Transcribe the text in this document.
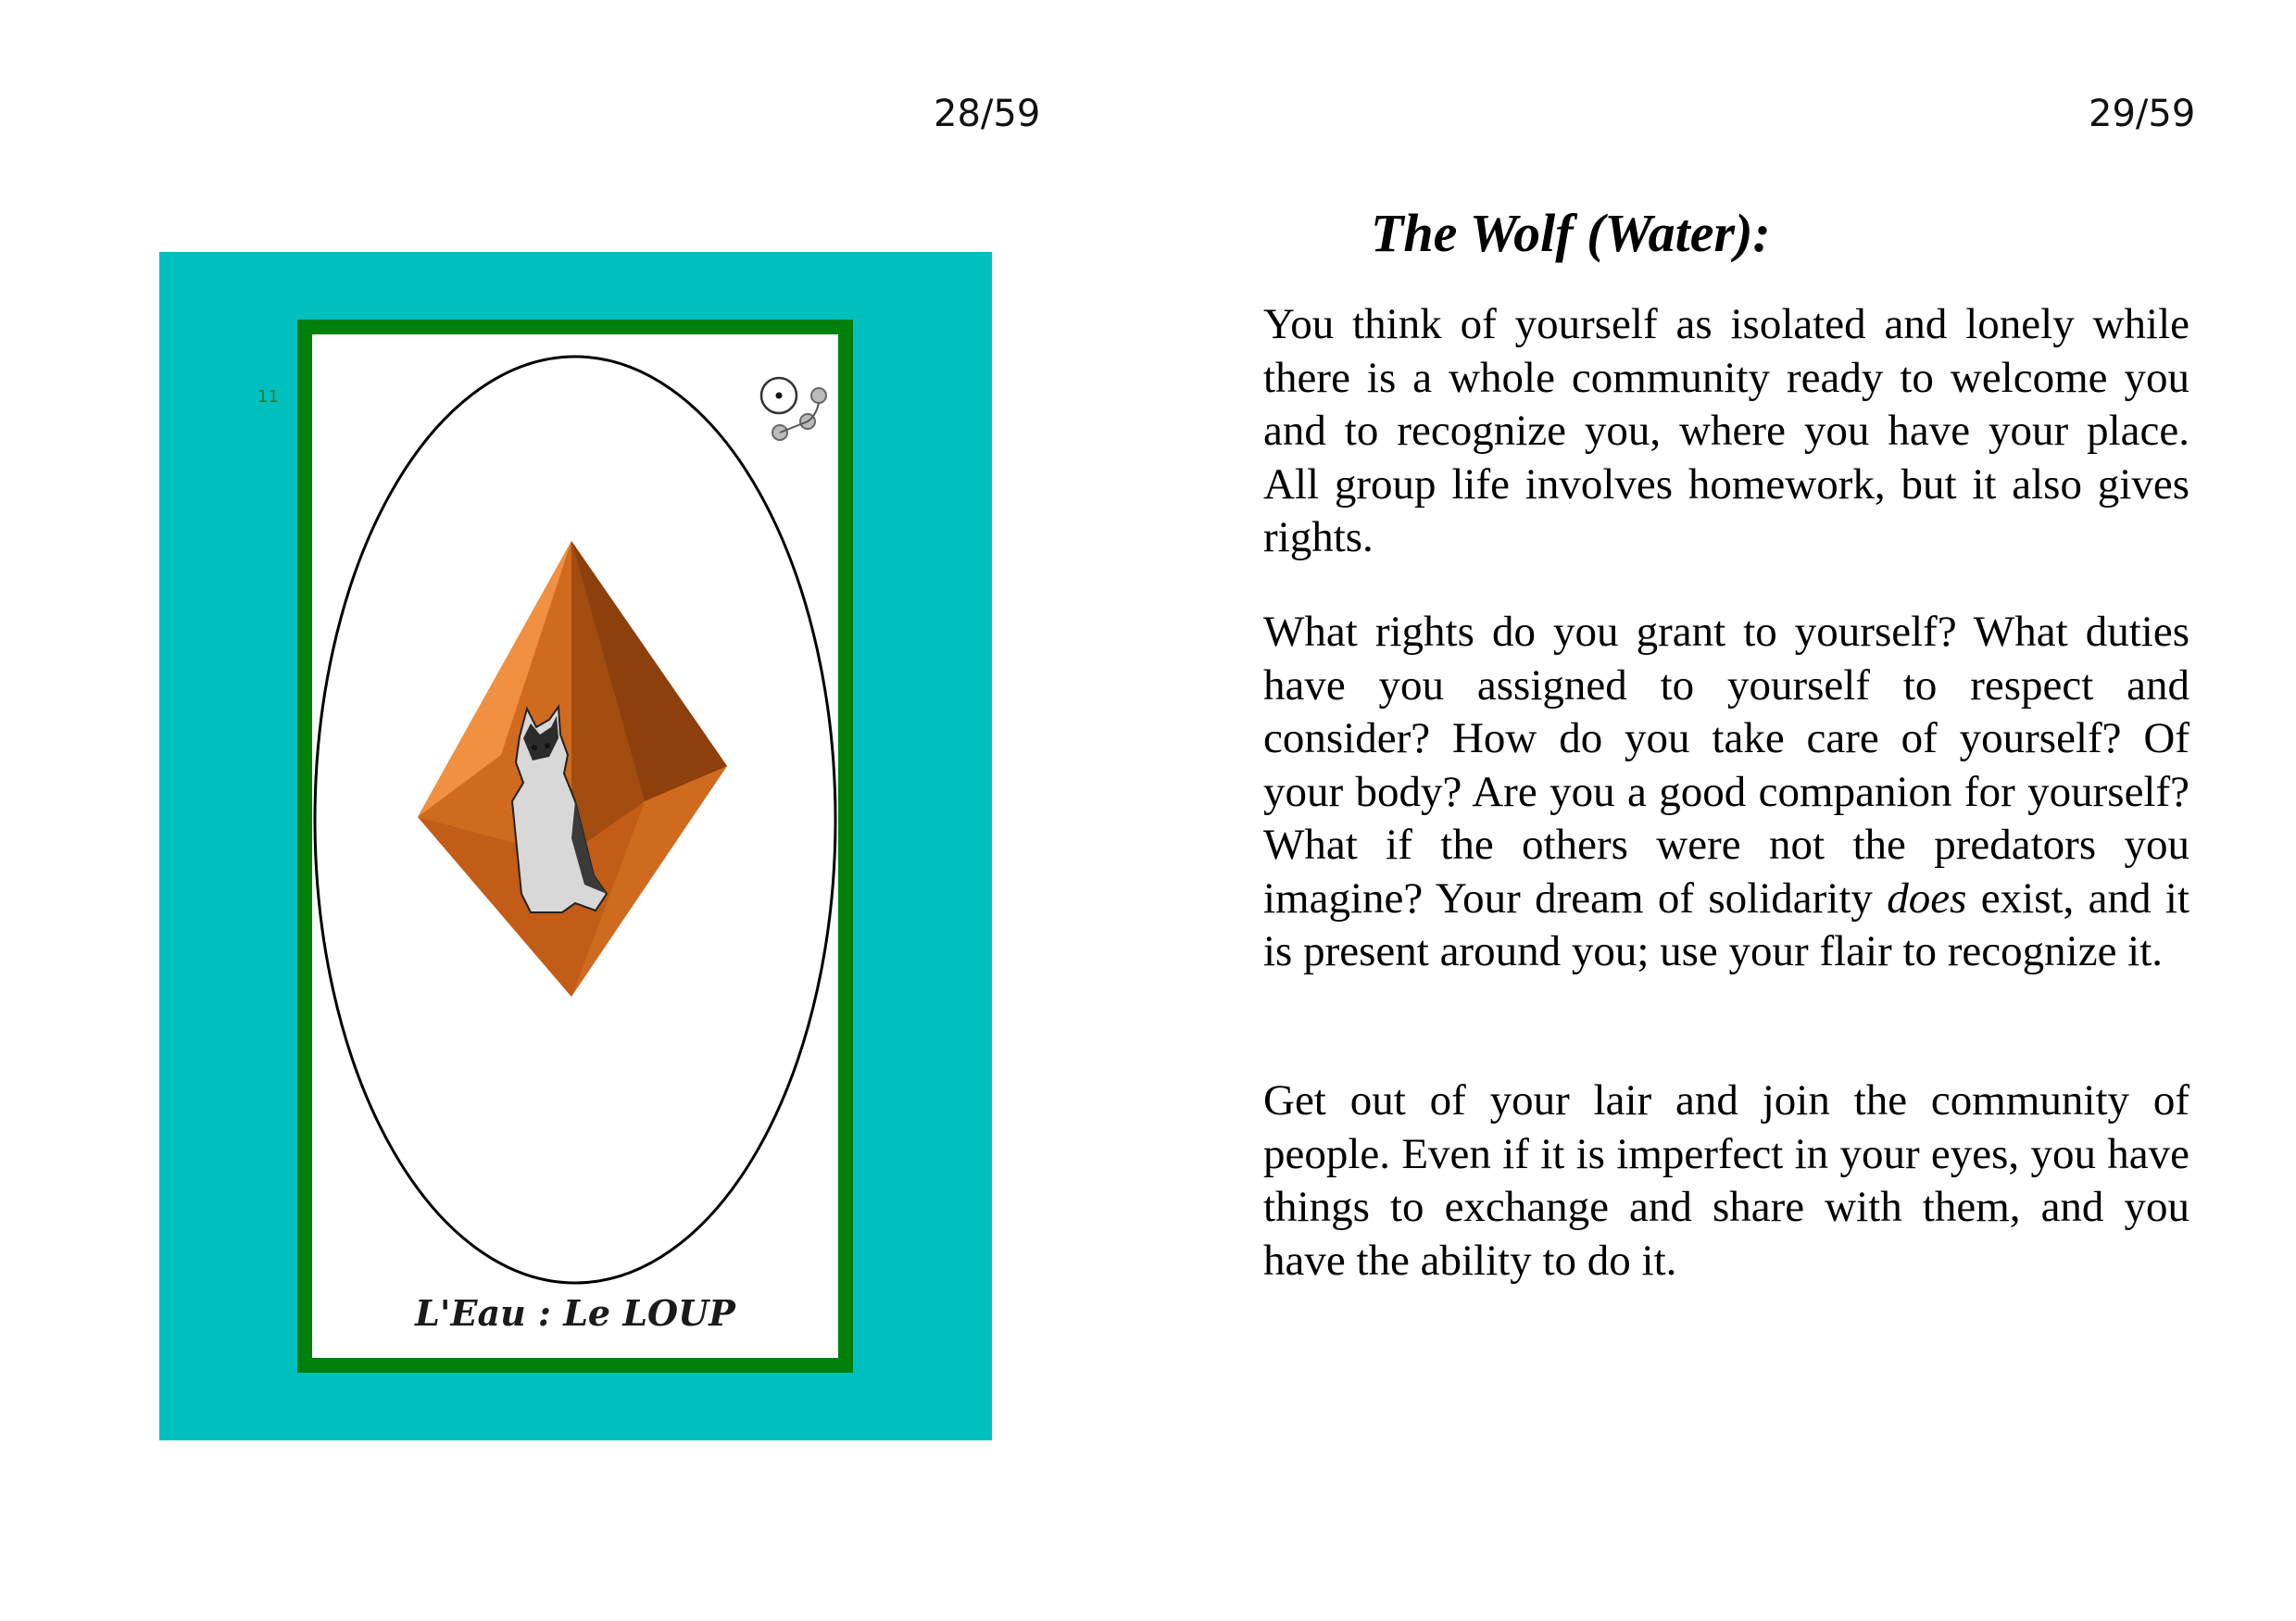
28/59	29/59
11
L'Eau : Le LOUP
The Wolf (Water):

You think of yourself as isolated and lonely while there is a whole community ready to welcome you and to recognize you, where you have your place. All group life involves homework, but it also gives rights.

What rights do you grant to yourself? What duties have you assigned to yourself to respect and consider? How do you take care of yourself? Of your body? Are you a good companion for yourself? What if the others were not the predators you imagine? Your dream of solidarity does exist, and it is present around you; use your flair to recognize it.

Get out of your lair and join the community of people. Even if it is imperfect in your eyes, you have things to exchange and share with them, and you have the ability to do it.
